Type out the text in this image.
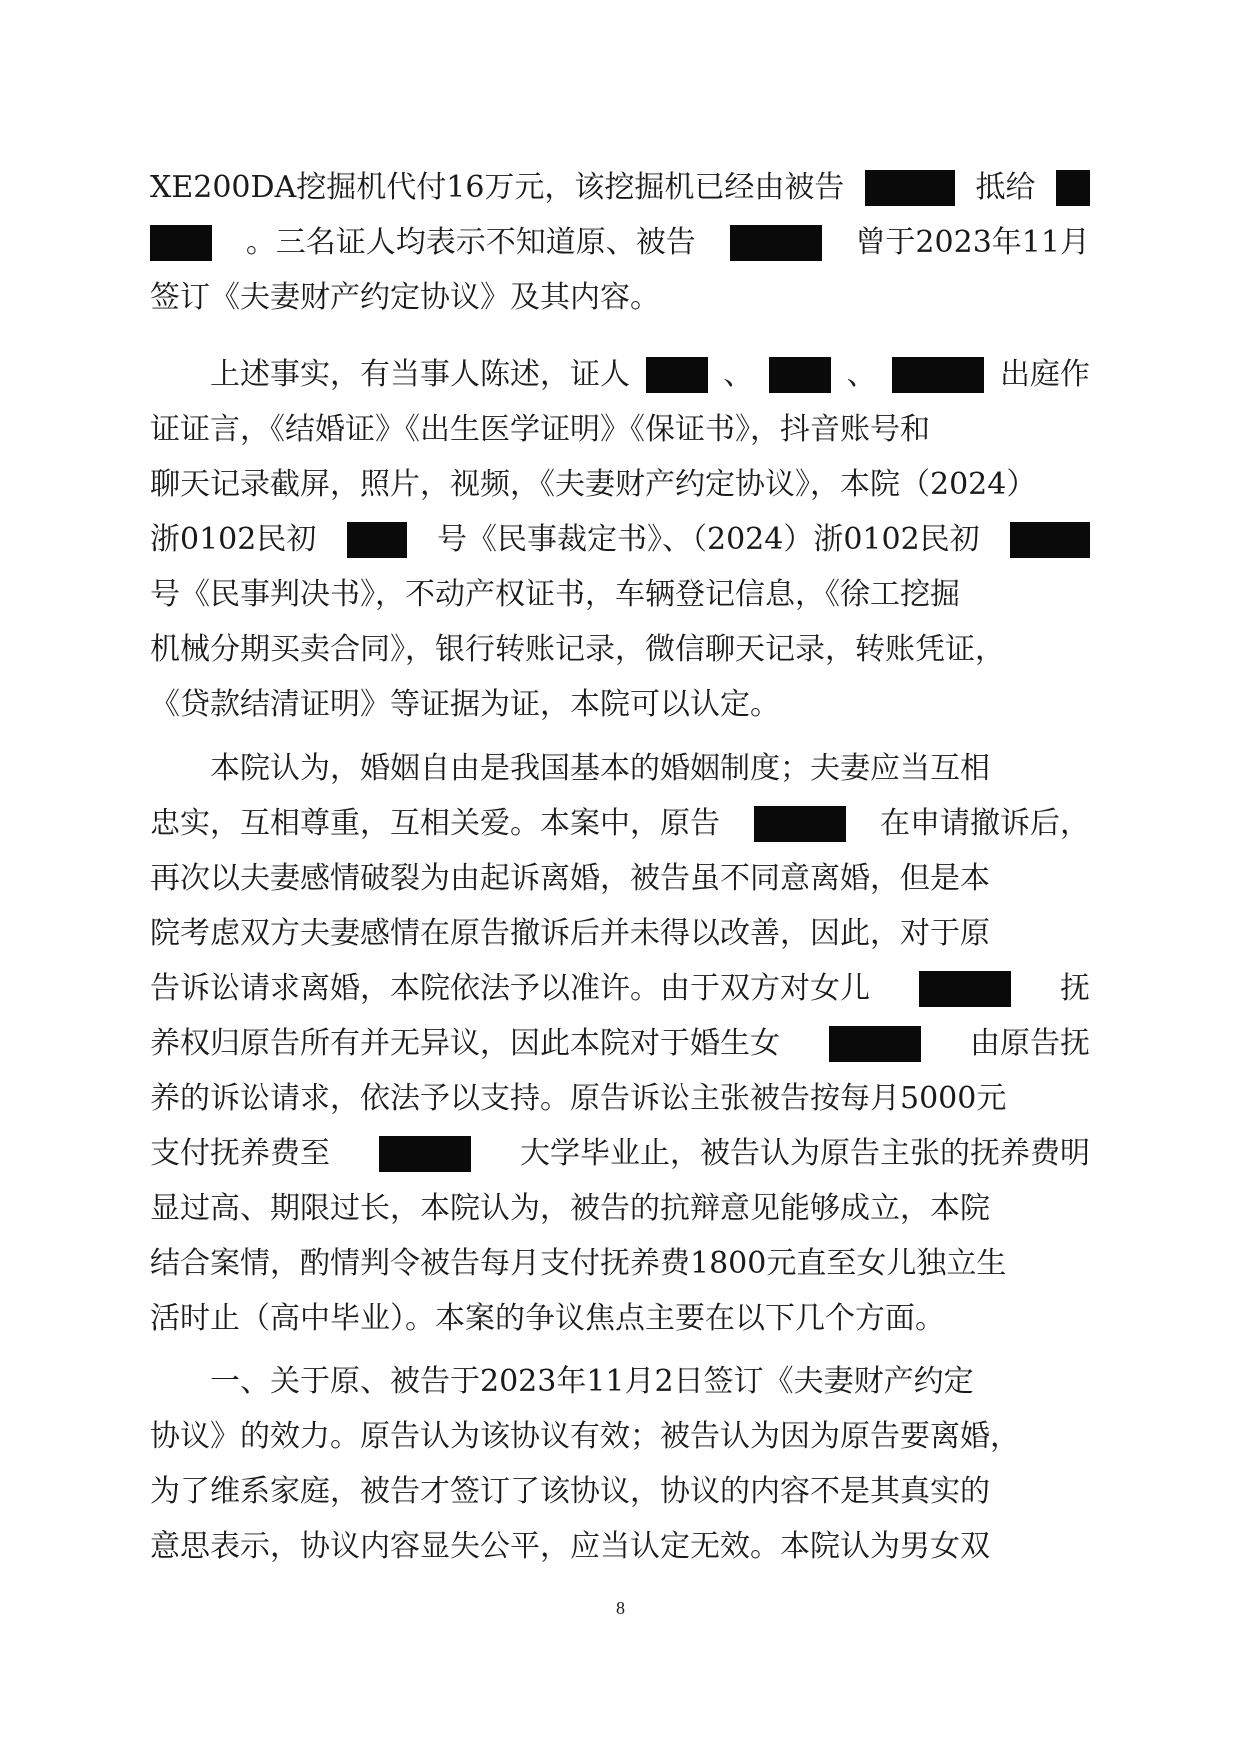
XE200DA挖掘机代付16万元，该挖掘机已经由被告	抵给
。三名证人均表示不知道原、被告	曾于2023年11月
签订《夫妻财产约定协议》及其内容。
上述事实，有当事人陈述，证人	、	、	出庭作
证证言，《结婚证》《出生医学证明》《保证书》，抖音账号和
聊天记录截屏，照片，视频，《夫妻财产约定协议》，本院（2024）
浙0102民初	号《民事裁定书》、（2024）浙0102民初
号《民事判决书》，不动产权证书，车辆登记信息，《徐工挖掘
机械分期买卖合同》，银行转账记录，微信聊天记录，转账凭证，
《贷款结清证明》等证据为证，本院可以认定。
本院认为，婚姻自由是我国基本的婚姻制度；夫妻应当互相
忠实，互相尊重，互相关爱。本案中，原告	在申请撤诉后，
再次以夫妻感情破裂为由起诉离婚，被告虽不同意离婚，但是本
院考虑双方夫妻感情在原告撤诉后并未得以改善，因此，对于原
告诉讼请求离婚，本院依法予以准许。由于双方对女儿	抚
养权归原告所有并无异议，因此本院对于婚生女	由原告抚
养的诉讼请求，依法予以支持。原告诉讼主张被告按每月5000元
支付抚养费至	大学毕业止，被告认为原告主张的抚养费明
显过高、期限过长，本院认为，被告的抗辩意见能够成立，本院
结合案情，酌情判令被告每月支付抚养费1800元直至女儿独立生
活时止（高中毕业）。本案的争议焦点主要在以下几个方面。
一、关于原、被告于2023年11月2日签订《夫妻财产约定
协议》的效力。原告认为该协议有效；被告认为因为原告要离婚，
为了维系家庭，被告才签订了该协议，协议的内容不是其真实的
意思表示，协议内容显失公平，应当认定无效。本院认为男女双
8
